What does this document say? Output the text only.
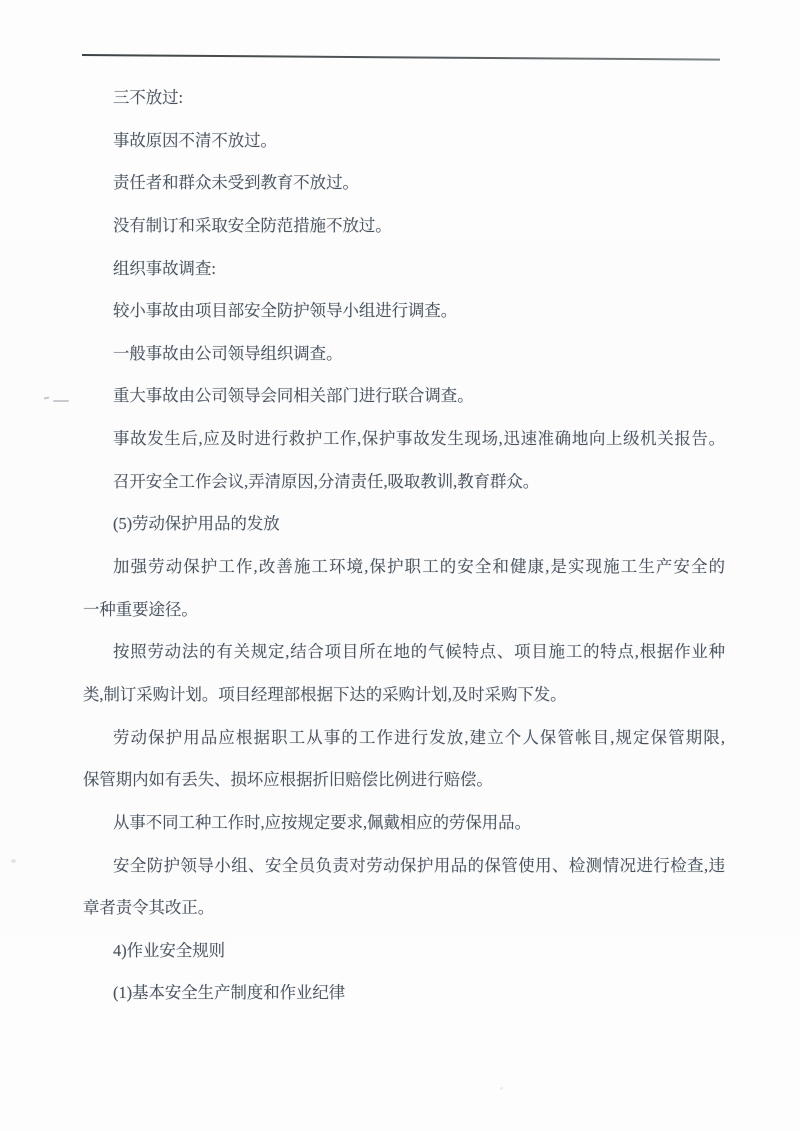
三不放过:
事故原因不清不放过。
责任者和群众未受到教育不放过。
没有制订和采取安全防范措施不放过。
组织事故调查:
较小事故由项目部安全防护领导小组进行调查。
一般事故由公司领导组织调查。
重大事故由公司领导会同相关部门进行联合调查。
事故发生后,应及时进行救护工作,保护事故发生现场,迅速准确地向上级机关报告。
召开安全工作会议,弄清原因,分清责任,吸取教训,教育群众。
(5)劳动保护用品的发放
加强劳动保护工作,改善施工环境,保护职工的安全和健康,是实现施工生产安全的
一种重要途径。
按照劳动法的有关规定,结合项目所在地的气候特点、项目施工的特点,根据作业种
类,制订采购计划。项目经理部根据下达的采购计划,及时采购下发。
劳动保护用品应根据职工从事的工作进行发放,建立个人保管帐目,规定保管期限,
保管期内如有丢失、损坏应根据折旧赔偿比例进行赔偿。
从事不同工种工作时,应按规定要求,佩戴相应的劳保用品。
安全防护领导小组、安全员负责对劳动保护用品的保管使用、检测情况进行检查,违
章者责令其改正。
4)作业安全规则
(1)基本安全生产制度和作业纪律
